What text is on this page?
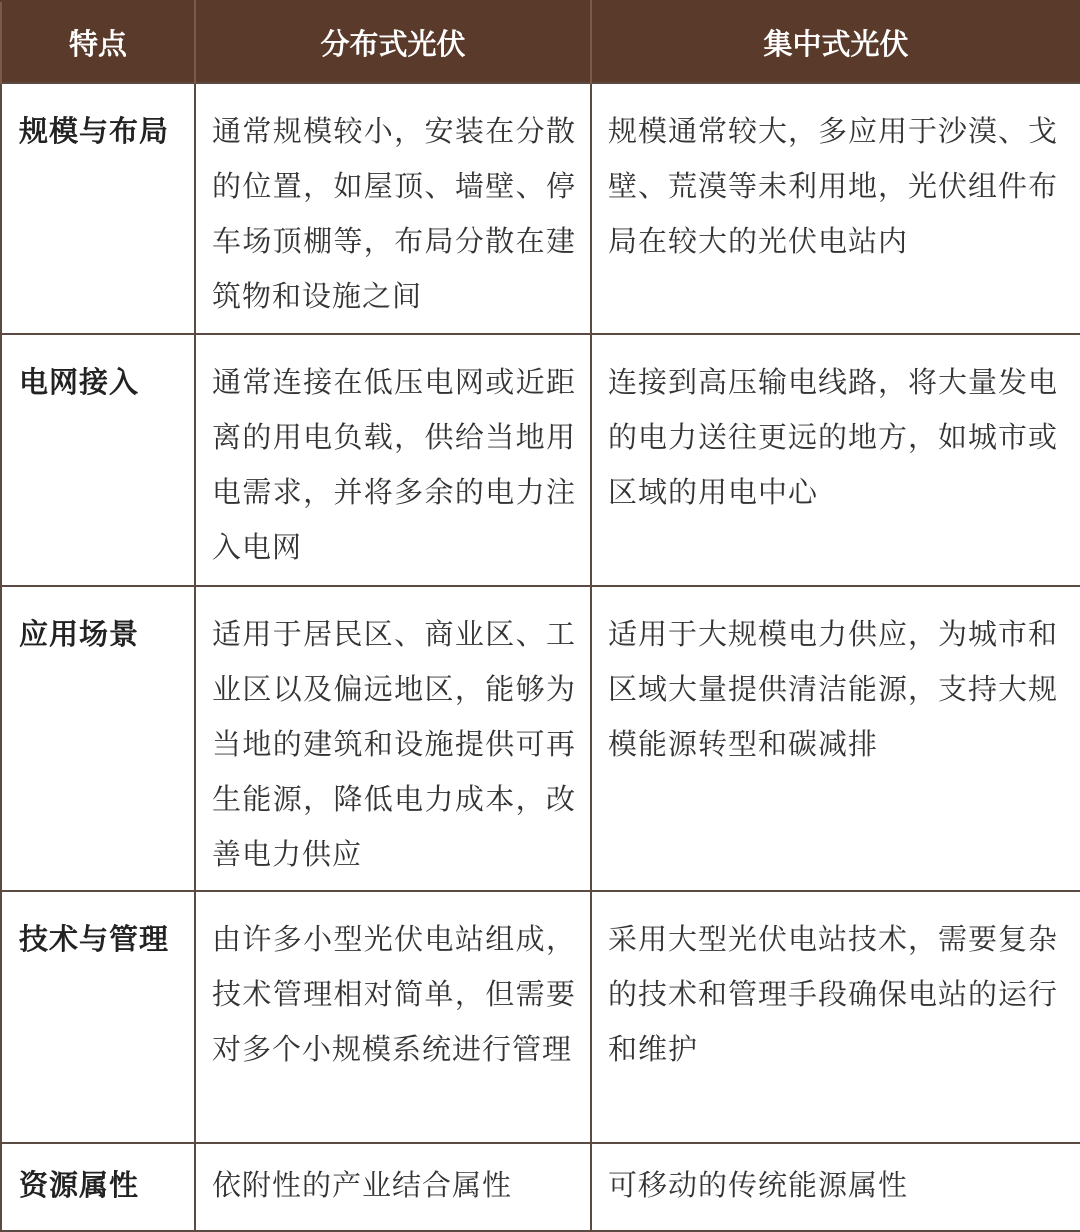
特点	分布式光伏	集中式光伏
规模与布局	通常规模较小，安装在分散的位置，如屋顶、墙壁、停车场顶棚等，布局分散在建筑物和设施之间	规模通常较大，多应用于沙漠、戈壁、荒漠等未利用地，光伏组件布局在较大的光伏电站内
电网接入	通常连接在低压电网或近距离的用电负载，供给当地用电需求，并将多余的电力注入电网	连接到高压输电线路，将大量发电的电力送往更远的地方，如城市或区域的用电中心
应用场景	适用于居民区、商业区、工业区以及偏远地区，能够为当地的建筑和设施提供可再生能源，降低电力成本，改善电力供应	适用于大规模电力供应，为城市和区域大量提供清洁能源，支持大规模能源转型和碳减排
技术与管理	由许多小型光伏电站组成，技术管理相对简单，但需要对多个小规模系统进行管理	采用大型光伏电站技术，需要复杂的技术和管理手段确保电站的运行和维护
资源属性	依附性的产业结合属性	可移动的传统能源属性
